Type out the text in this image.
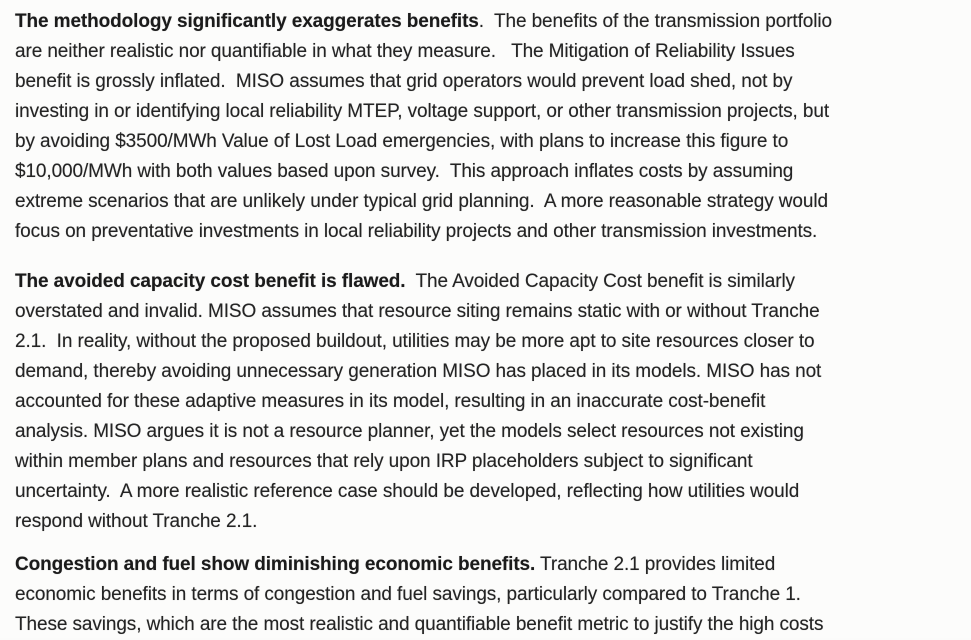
The methodology significantly exaggerates benefits.  The benefits of the transmission portfolio
are neither realistic nor quantifiable in what they measure.   The Mitigation of Reliability Issues
benefit is grossly inflated.  MISO assumes that grid operators would prevent load shed, not by
investing in or identifying local reliability MTEP, voltage support, or other transmission projects, but
by avoiding $3500/MWh Value of Lost Load emergencies, with plans to increase this figure to
$10,000/MWh with both values based upon survey.  This approach inflates costs by assuming
extreme scenarios that are unlikely under typical grid planning.  A more reasonable strategy would
focus on preventative investments in local reliability projects and other transmission investments.
The avoided capacity cost benefit is flawed.  The Avoided Capacity Cost benefit is similarly
overstated and invalid. MISO assumes that resource siting remains static with or without Tranche
2.1.  In reality, without the proposed buildout, utilities may be more apt to site resources closer to
demand, thereby avoiding unnecessary generation MISO has placed in its models. MISO has not
accounted for these adaptive measures in its model, resulting in an inaccurate cost-benefit
analysis. MISO argues it is not a resource planner, yet the models select resources not existing
within member plans and resources that rely upon IRP placeholders subject to significant
uncertainty.  A more realistic reference case should be developed, reflecting how utilities would
respond without Tranche 2.1.
Congestion and fuel show diminishing economic benefits. Tranche 2.1 provides limited
economic benefits in terms of congestion and fuel savings, particularly compared to Tranche 1.
These savings, which are the most realistic and quantifiable benefit metric to justify the high costs
